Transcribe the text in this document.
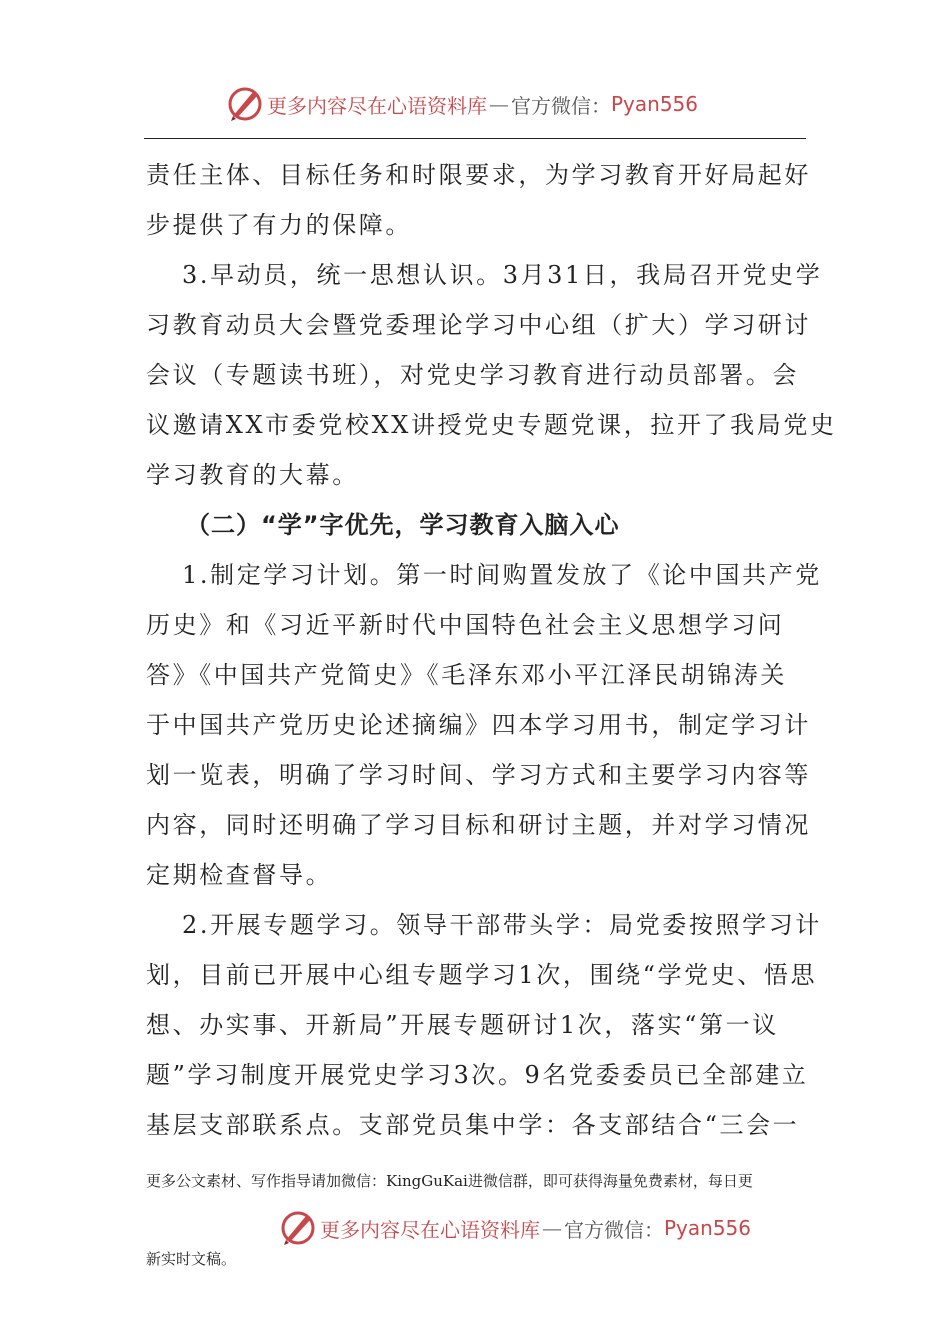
更多内容尽在心语资料库 — 官方微信： Pyan556
责任主体、目标任务和时限要求，为学习教育开好局起好
步提供了有力的保障。
3.早动员，统一思想认识。3月31日，我局召开党史学
习教育动员大会暨党委理论学习中心组（扩大）学习研讨
会议（专题读书班），对党史学习教育进行动员部署。会
议邀请XX市委党校XX讲授党史专题党课，拉开了我局党史
学习教育的大幕。
（二）“学”字优先，学习教育入脑入心
1.制定学习计划。第一时间购置发放了《论中国共产党
历史》和《习近平新时代中国特色社会主义思想学习问
答》《中国共产党简史》《毛泽东邓小平江泽民胡锦涛关
于中国共产党历史论述摘编》四本学习用书，制定学习计
划一览表，明确了学习时间、学习方式和主要学习内容等
内容，同时还明确了学习目标和研讨主题，并对学习情况
定期检查督导。
2.开展专题学习。领导干部带头学：局党委按照学习计
划，目前已开展中心组专题学习1次，围绕“学党史、悟思
想、办实事、开新局”开展专题研讨1次，落实“第一议
题”学习制度开展党史学习3次。9名党委委员已全部建立
基层支部联系点。支部党员集中学：各支部结合“三会一
更多公文素材、写作指导请加微信：KingGuKai进微信群，即可获得海量免费素材，每日更
更多内容尽在心语资料库 — 官方微信： Pyan556
新实时文稿。
